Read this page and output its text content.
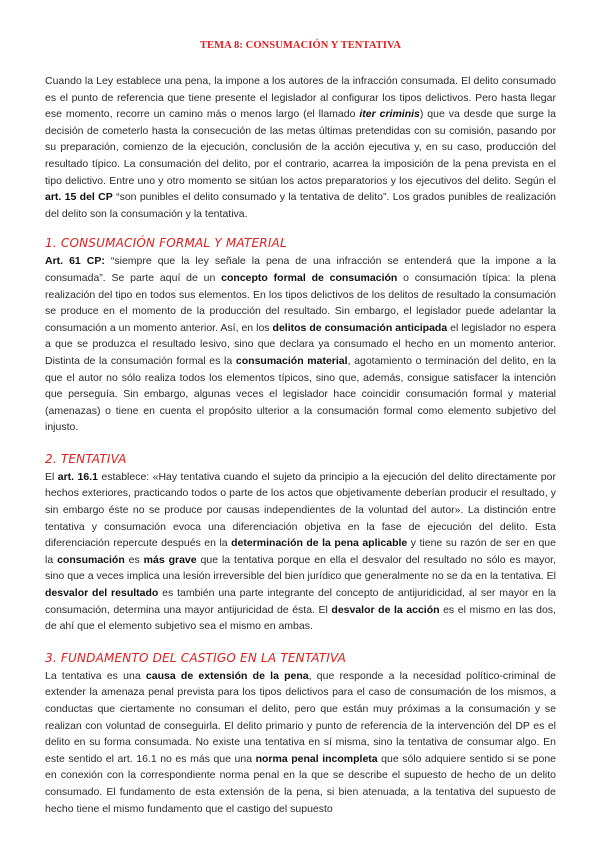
TEMA 8: CONSUMACIÓN Y TENTATIVA

Cuando la Ley establece una pena, la impone a los autores de la infracción consumada. El delito consumado es el punto de referencia que tiene presente el legislador al configurar los tipos delictivos. Pero hasta llegar ese momento, recorre un camino más o menos largo (el llamado iter criminis) que va desde que surge la decisión de cometerlo hasta la consecución de las metas últimas pretendidas con su comisión, pasando por su preparación, comienzo de la ejecución, conclusión de la acción ejecutiva y, en su caso, producción del resultado típico. La consumación del delito, por el contrario, acarrea la imposición de la pena prevista en el tipo delictivo. Entre uno y otro momento se sitúan los actos preparatorios y los ejecutivos del delito. Según el art. 15 del CP “son punibles el delito consumado y la tentativa de delito”. Los grados punibles de realización del delito son la consumación y la tentativa.

1. CONSUMACIÓN FORMAL Y MATERIAL

Art. 61 CP: “siempre que la ley señale la pena de una infracción se entenderá que la impone a la consumada”. Se parte aquí de un concepto formal de consumación o consumación típica: la plena realización del tipo en todos sus elementos. En los tipos delictivos de los delitos de resultado la consumación se produce en el momento de la producción del resultado. Sin embargo, el legislador puede adelantar la consumación a un momento anterior. Así, en los delitos de consumación anticipada el legislador no espera a que se produzca el resultado lesivo, sino que declara ya consumado el hecho en un momento anterior. Distinta de la consumación formal es la consumación material, agotamiento o terminación del delito, en la que el autor no sólo realiza todos los elementos típicos, sino que, además, consigue satisfacer la intención que perseguía. Sin embargo, algunas veces el legislador hace coincidir consumación formal y material (amenazas) o tiene en cuenta el propósito ulterior a la consumación formal como elemento subjetivo del injusto.

2. TENTATIVA

El art. 16.1 establece: «Hay tentativa cuando el sujeto da principio a la ejecución del delito directamente por hechos exteriores, practicando todos o parte de los actos que objetivamente deberían producir el resultado, y sin embargo éste no se produce por causas independientes de la voluntad del autor». La distinción entre tentativa y consumación evoca una diferenciación objetiva en la fase de ejecución del delito. Esta diferenciación repercute después en la determinación de la pena aplicable y tiene su razón de ser en que la consumación es más grave que la tentativa porque en ella el desvalor del resultado no sólo es mayor, sino que a veces implica una lesión irreversible del bien jurídico que generalmente no se da en la tentativa. El desvalor del resultado es también una parte integrante del concepto de antijuridicidad, al ser mayor en la consumación, determina una mayor antijuricidad de ésta. El desvalor de la acción es el mismo en las dos, de ahí que el elemento subjetivo sea el mismo en ambas.

3. FUNDAMENTO DEL CASTIGO EN LA TENTATIVA

La tentativa es una causa de extensión de la pena, que responde a la necesidad político-criminal de extender la amenaza penal prevista para los tipos delictivos para el caso de consumación de los mismos, a conductas que ciertamente no consuman el delito, pero que están muy próximas a la consumación y se realizan con voluntad de conseguirla. El delito primario y punto de referencia de la intervención del DP es el delito en su forma consumada. No existe una tentativa en sí misma, sino la tentativa de consumar algo. En este sentido el art. 16.1 no es más que una norma penal incompleta que sólo adquiere sentido si se pone en conexión con la correspondiente norma penal en la que se describe el supuesto de hecho de un delito consumado. El fundamento de esta extensión de la pena, si bien atenuada, a la tentativa del supuesto de hecho tiene el mismo fundamento que el castigo del supuesto
